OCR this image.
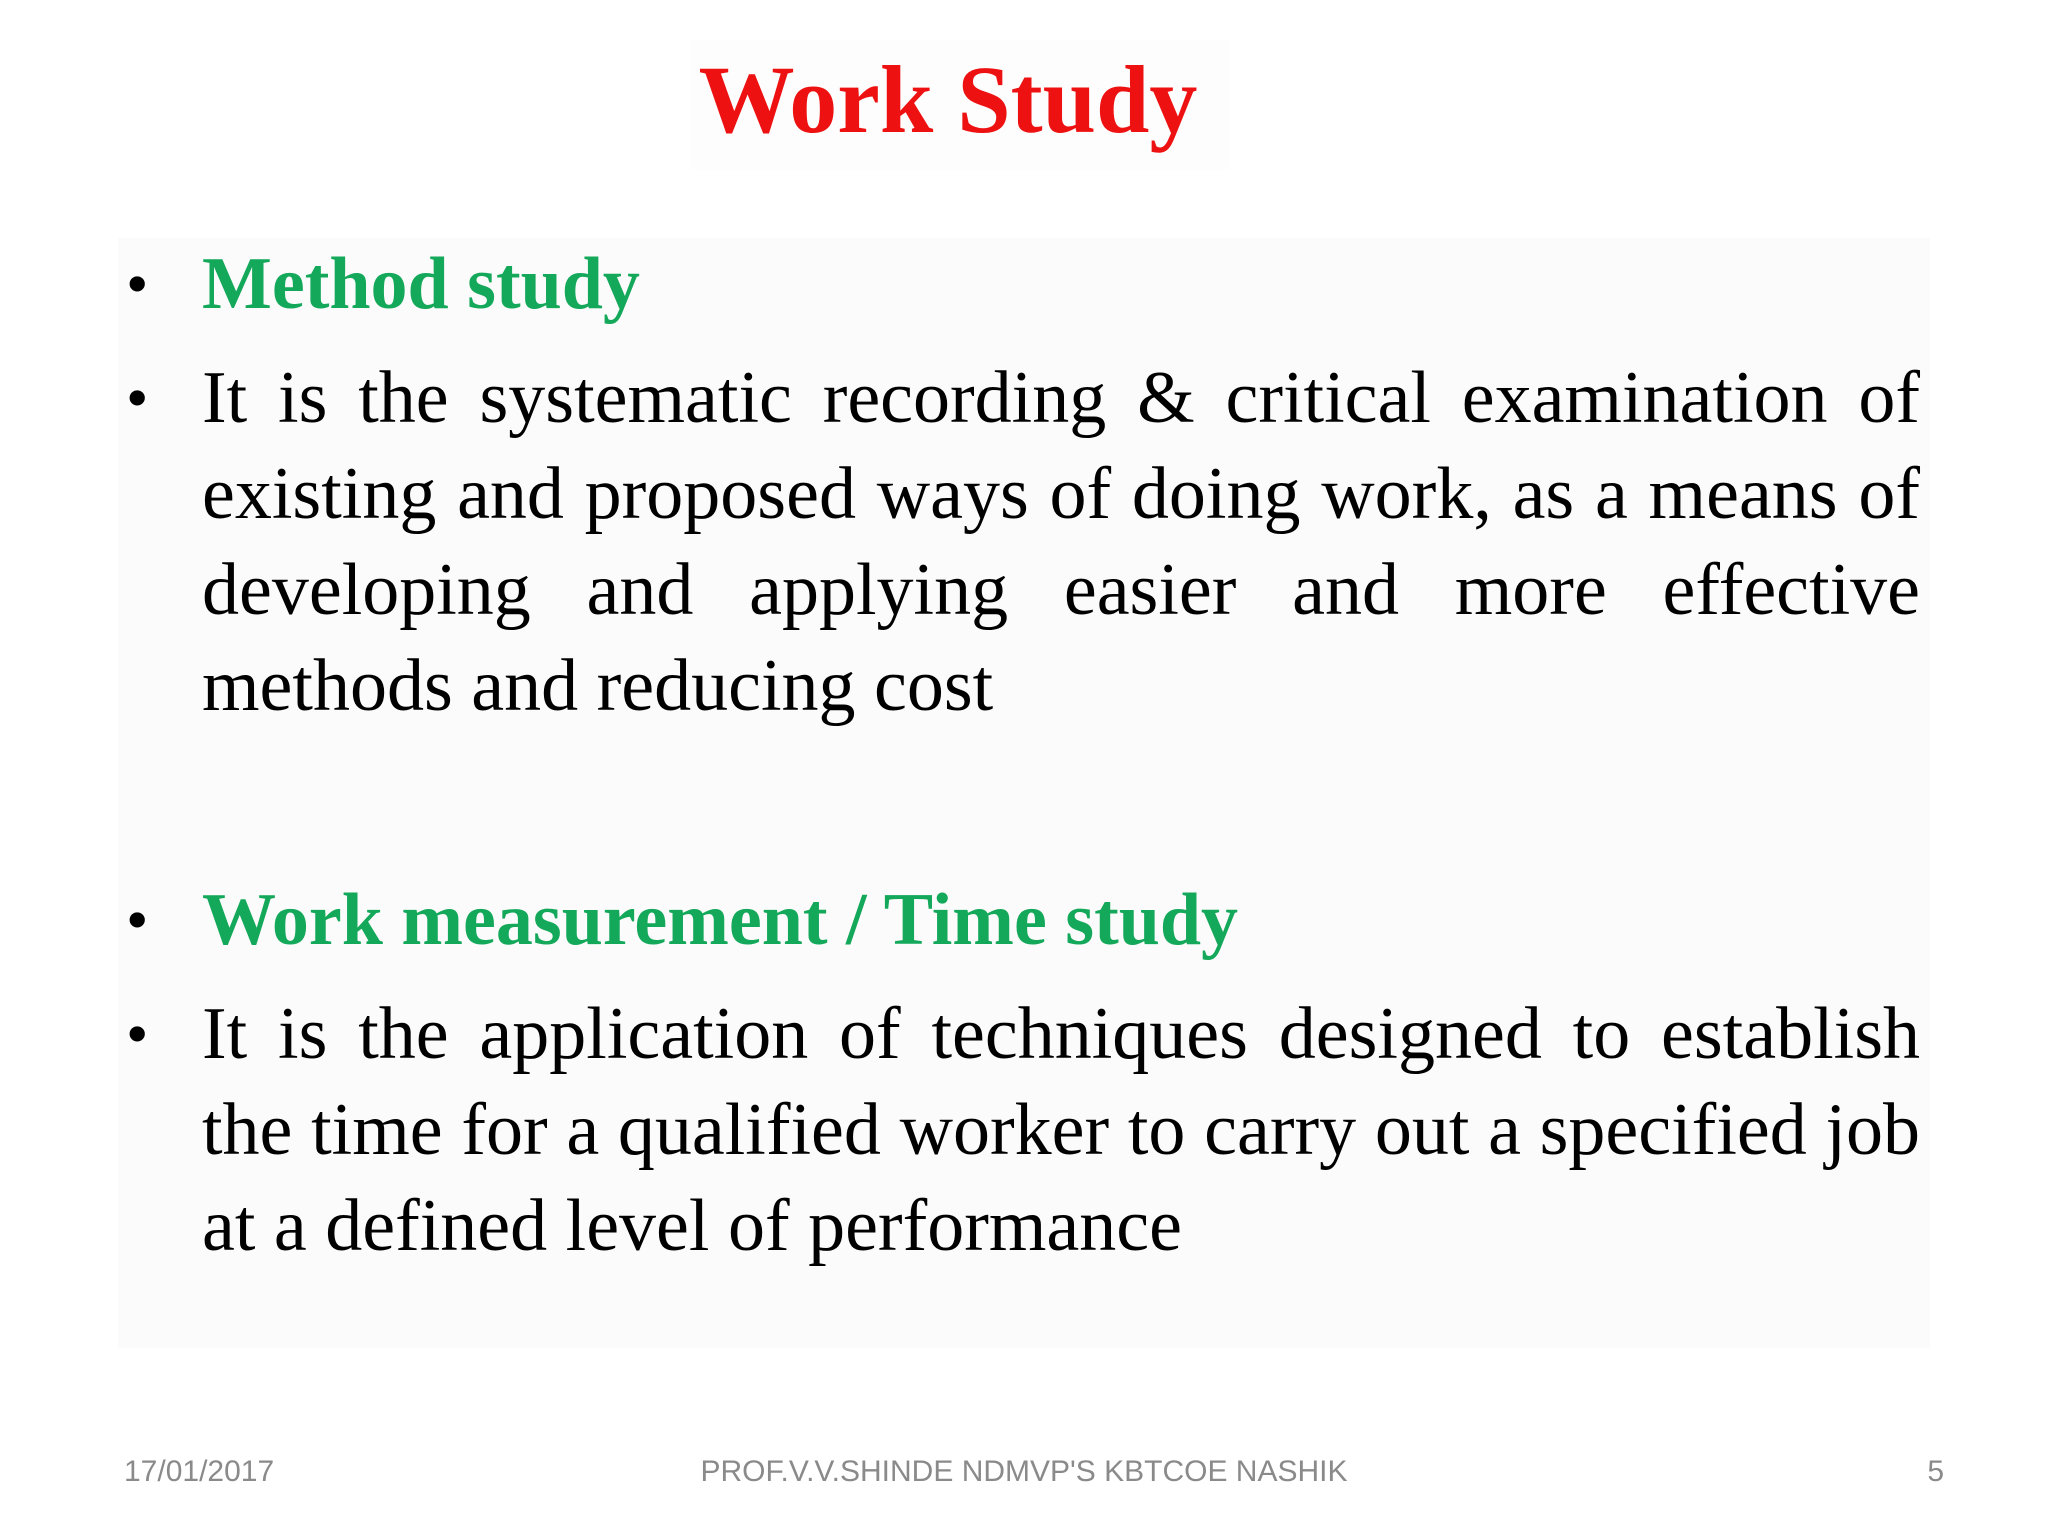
Work Study
• Method study
• It is the systematic recording & critical examination of existing and proposed ways of doing work, as a means of developing and applying easier and more effective methods and reducing cost
• Work measurement / Time study
• It is the application of techniques designed to establish the time for a qualified worker to carry out a specified job at a defined level of performance
17/01/2017	PROF.V.V.SHINDE NDMVP'S KBTCOE NASHIK	5
